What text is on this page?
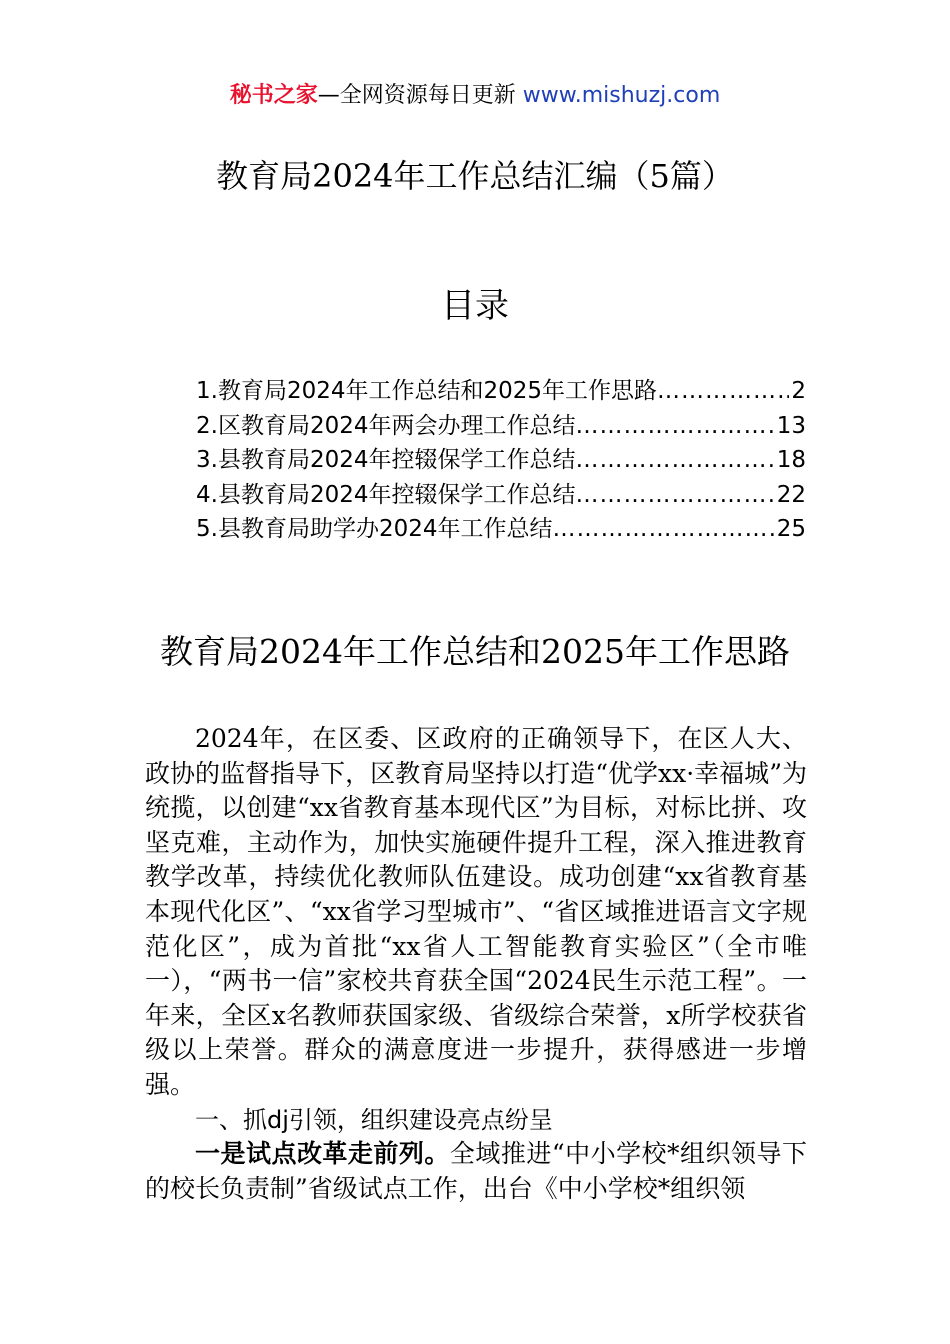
秘书之家—全网资源每日更新 www.mishuzj.com
教育局2024年工作总结汇编（5篇）
目录
1.教育局2024年工作总结和2025年工作思路 ……………………………………………………………………………………………………	2
2.区教育局2024年两会办理工作总结 ……………………………………………………………………………………………………	13
3.县教育局2024年控辍保学工作总结 ……………………………………………………………………………………………………	18
4.县教育局2024年控辍保学工作总结 ……………………………………………………………………………………………………	22
5.县教育局助学办2024年工作总结 ……………………………………………………………………………………………………	25
教育局2024年工作总结和2025年工作思路

2024年，在区委、区政府的正确领导下，在区人大、政协的监督指导下，区教育局坚持以打造“优学xx·幸福城”为统揽，以创建“xx省教育基本现代区”为目标，对标比拼、攻坚克难，主动作为，加快实施硬件提升工程，深入推进教育教学改革，持续优化教师队伍建设。成功创建“xx省教育基本现代化区”、“xx省学习型城市”、“省区域推进语言文字规范化区”，成为首批“xx省人工智能教育实验区”（全市唯一），“两书一信”家校共育获全国“2024民生示范工程”。一年来，全区x名教师获国家级、省级综合荣誉，x所学校获省级以上荣誉。群众的满意度进一步提升，获得感进一步增强。

一、抓dj引领，组织建设亮点纷呈

一是试点改革走前列。全域推进“中小学校*组织领导下的校长负责制”省级试点工作，出台《中小学校*组织领
